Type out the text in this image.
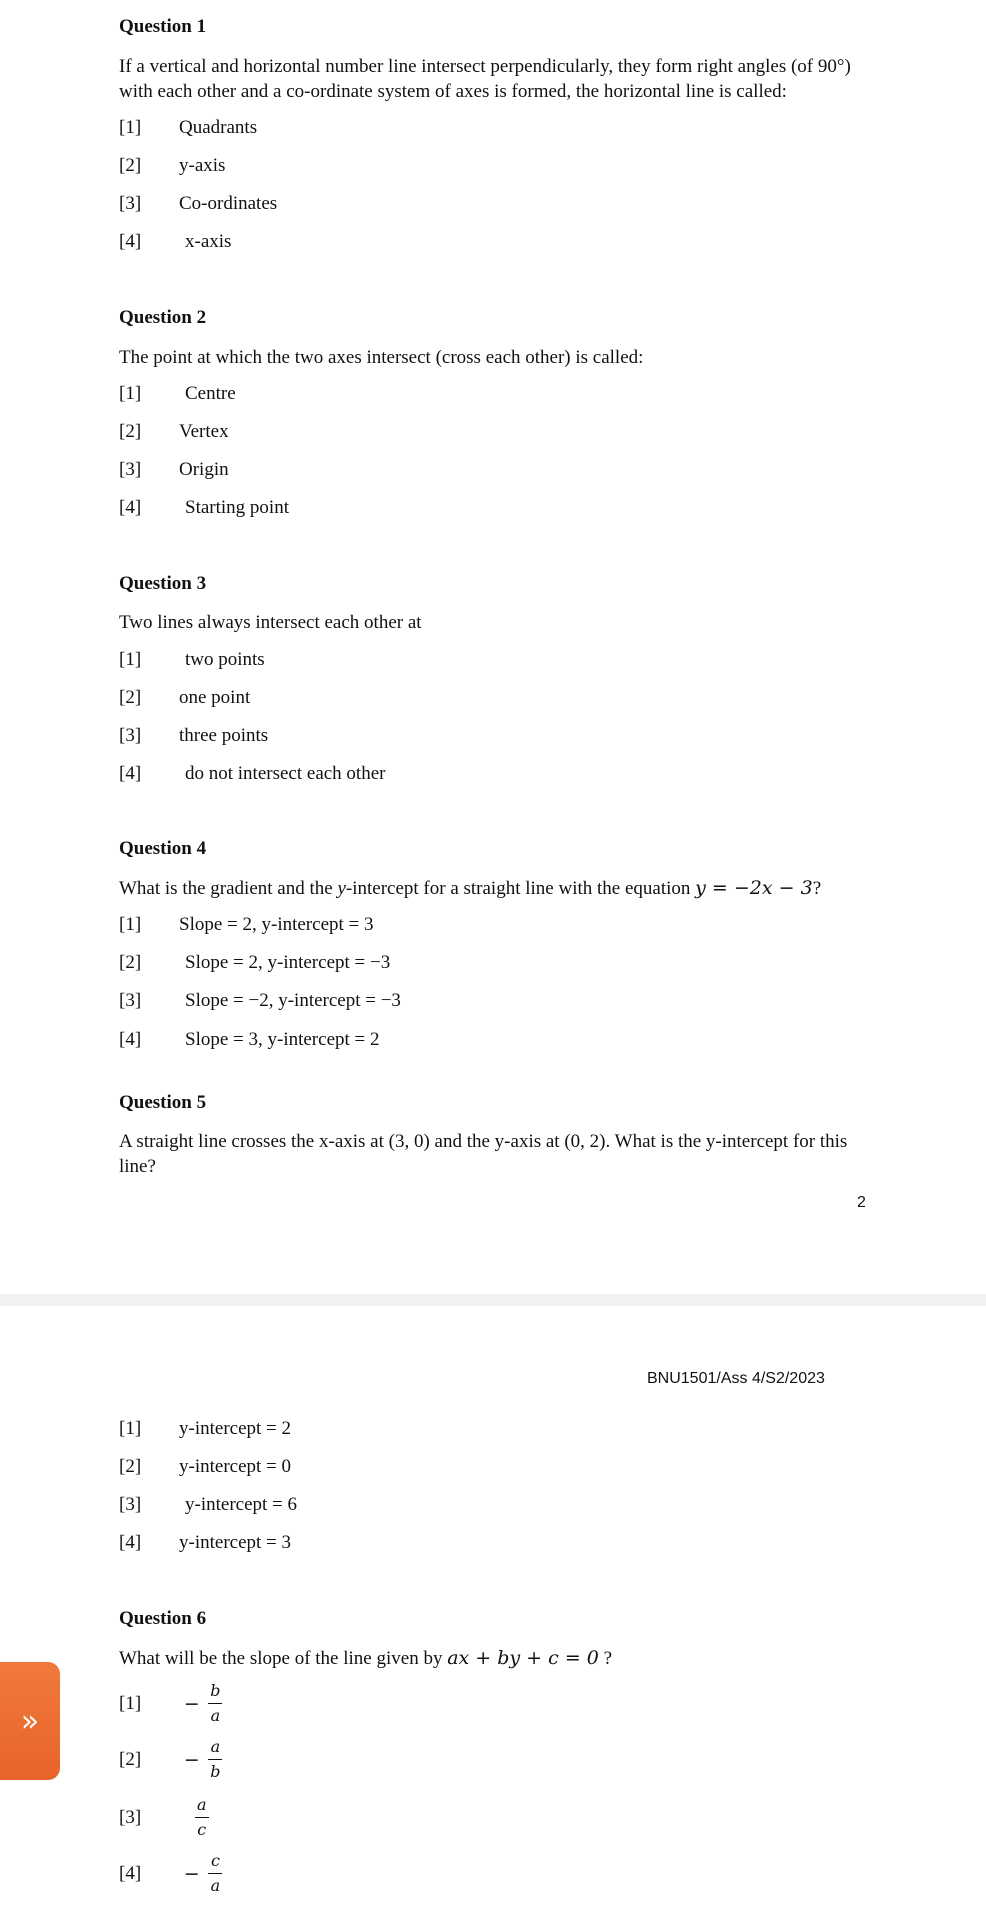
Question 1
If a vertical and horizontal number line intersect perpendicularly, they form right angles (of 90°) with each other and a co-ordinate system of axes is formed, the horizontal line is called:
[1] Quadrants
[2] y-axis
[3] Co-ordinates
[4] x-axis
Question 2
The point at which the two axes intersect (cross each other) is called:
[1] Centre
[2] Vertex
[3] Origin
[4] Starting point
Question 3
Two lines always intersect each other at
[1] two points
[2] one point
[3] three points
[4] do not intersect each other
Question 4
What is the gradient and the y-intercept for a straight line with the equation y = −2x − 3?
[1] Slope = 2, y-intercept = 3
[2] Slope = 2, y-intercept = −3
[3] Slope = −2, y-intercept = −3
[4] Slope = 3, y-intercept = 2
Question 5
A straight line crosses the x-axis at (3, 0) and the y-axis at (0, 2). What is the y-intercept for this line?
2
BNU1501/Ass 4/S2/2023
[1] y-intercept = 2
[2] y-intercept = 0
[3] y-intercept = 6
[4] y-intercept = 3
Question 6
What will be the slope of the line given by ax + by + c = 0 ?
$[1] - \frac{b}{a}$
$[2] - \frac{a}{b}$
[3]	$\frac{a}{c}$
$[4] - \frac{c}{a}$
»
